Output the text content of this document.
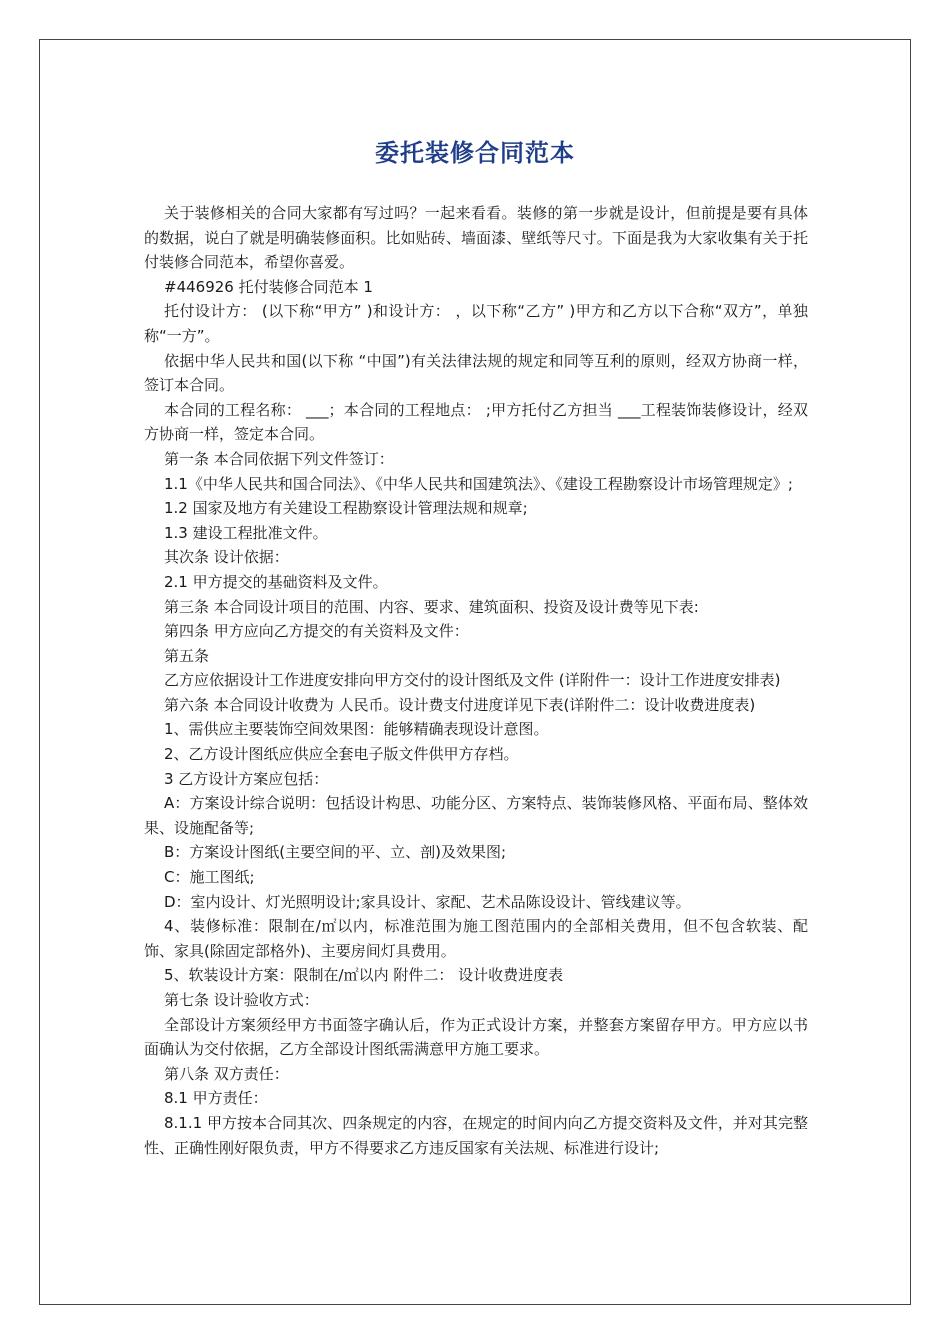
委托装修合同范本

关于装修相关的合同大家都有写过吗？一起来看看。装修的第一步就是设计，但前提是要有具体的数据，说白了就是明确装修面积。比如贴砖、墙面漆、壁纸等尺寸。下面是我为大家收集有关于托付装修合同范本，希望你喜爱。

#446926 托付装修合同范本 1

托付设计方： (以下称“甲方” )和设计方： ，以下称“乙方” )甲方和乙方以下合称“双方”，单独称“一方”。

依据中华人民共和国(以下称 “中国”)有关法律法规的规定和同等互利的原则，经双方协商一样，签订本合同。

本合同的工程名称： ___；本合同的工程地点： ;甲方托付乙方担当 ___工程装饰装修设计，经双方协商一样，签定本合同。

第一条 本合同依据下列文件签订：

1.1《中华人民共和国合同法》、《中华人民共和国建筑法》、《建设工程勘察设计市场管理规定》;

1.2 国家及地方有关建设工程勘察设计管理法规和规章;

1.3 建设工程批准文件。

其次条 设计依据：

2.1 甲方提交的基础资料及文件。

第三条 本合同设计项目的范围、内容、要求、建筑面积、投资及设计费等见下表:

第四条 甲方应向乙方提交的有关资料及文件：

第五条

乙方应依据设计工作进度安排向甲方交付的设计图纸及文件 (详附件一：设计工作进度安排表)

第六条 本合同设计收费为 人民币。设计费支付进度详见下表(详附件二：设计收费进度表)

1、需供应主要装饰空间效果图：能够精确表现设计意图。

2、乙方设计图纸应供应全套电子版文件供甲方存档。

3 乙方设计方案应包括：

A：方案设计综合说明：包括设计构思、功能分区、方案特点、装饰装修风格、平面布局、整体效果、设施配备等;

B：方案设计图纸(主要空间的平、立、剖)及效果图;

C：施工图纸;

D：室内设计、灯光照明设计;家具设计、家配、艺术品陈设设计、管线建议等。

4、装修标准：限制在/㎡以内，标准范围为施工图范围内的全部相关费用，但不包含软装、配饰、家具(除固定部格外)、主要房间灯具费用。

5、软装设计方案：限制在/㎡以内 附件二： 设计收费进度表

第七条 设计验收方式：

全部设计方案须经甲方书面签字确认后，作为正式设计方案，并整套方案留存甲方。甲方应以书面确认为交付依据，乙方全部设计图纸需满意甲方施工要求。

第八条 双方责任：

8.1 甲方责任：

8.1.1 甲方按本合同其次、四条规定的内容，在规定的时间内向乙方提交资料及文件，并对其完整性、正确性刚好限负责，甲方不得要求乙方违反国家有关法规、标准进行设计;
